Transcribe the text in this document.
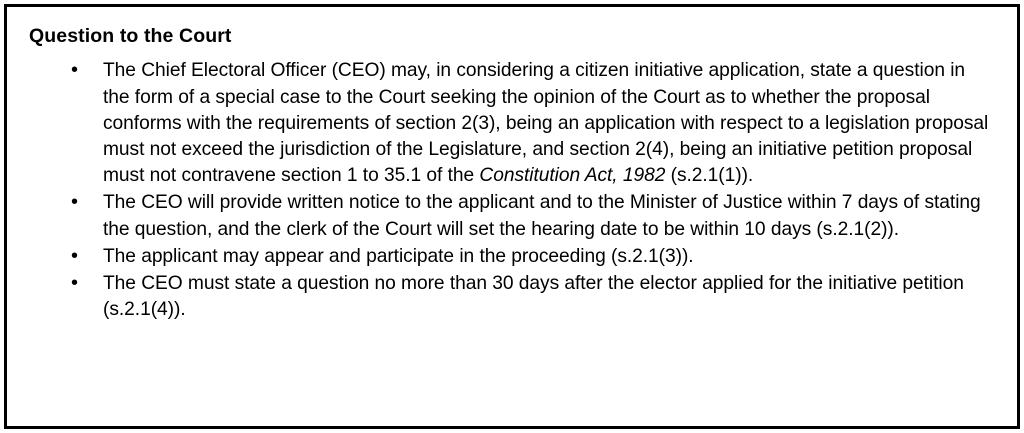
Question to the Court
• The Chief Electoral Officer (CEO) may, in considering a citizen initiative application, state a question in the form of a special case to the Court seeking the opinion of the Court as to whether the proposal conforms with the requirements of section 2(3), being an application with respect to a legislation proposal must not exceed the jurisdiction of the Legislature, and section 2(4), being an initiative petition proposal must not contravene section 1 to 35.1 of the Constitution Act, 1982 (s.2.1(1)).
• The CEO will provide written notice to the applicant and to the Minister of Justice within 7 days of stating the question, and the clerk of the Court will set the hearing date to be within 10 days (s.2.1(2)).
• The applicant may appear and participate in the proceeding (s.2.1(3)).
• The CEO must state a question no more than 30 days after the elector applied for the initiative petition (s.2.1(4)).
